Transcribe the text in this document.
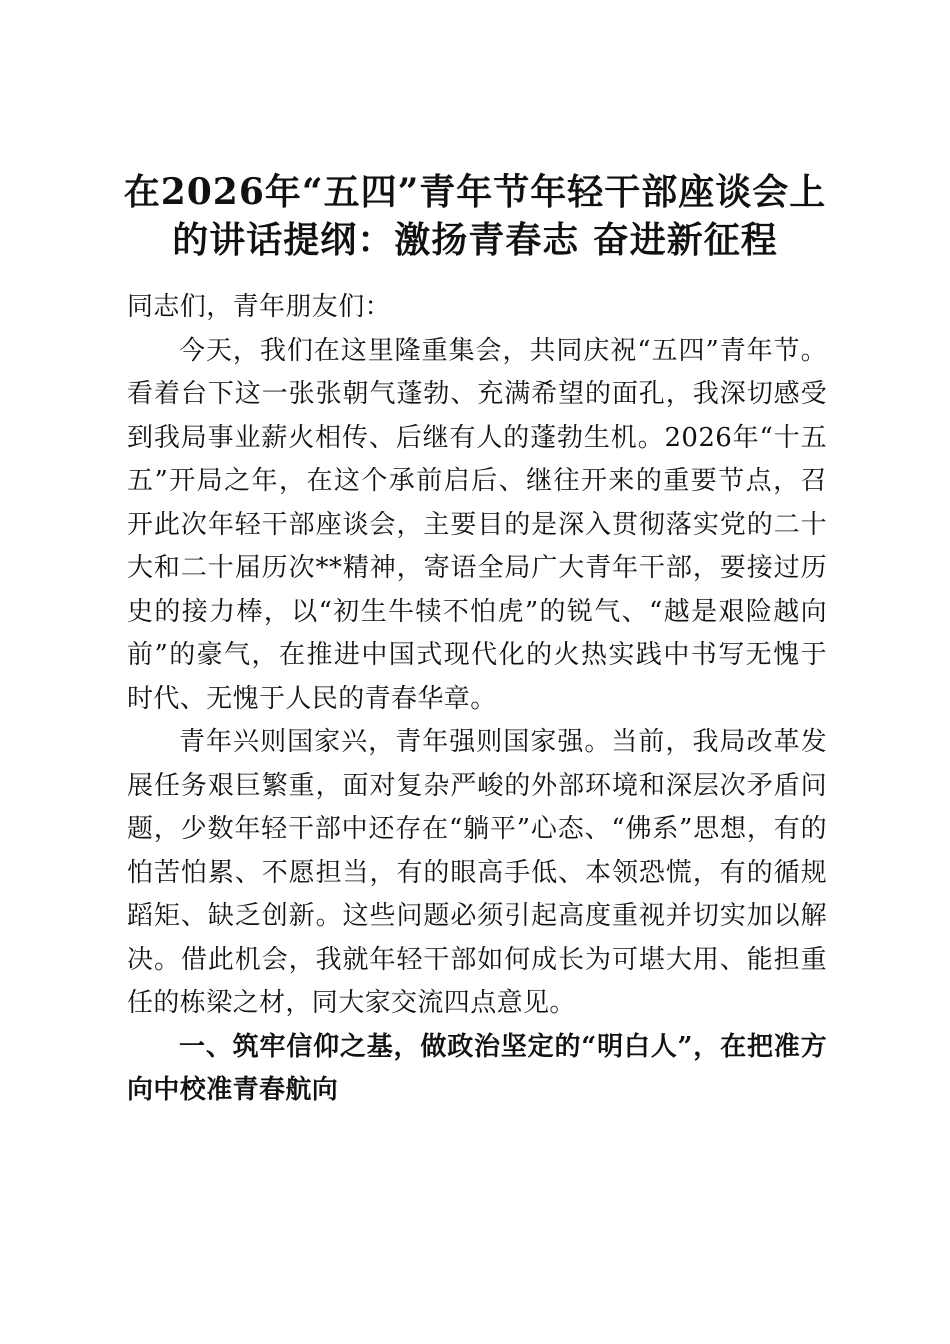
在2026年“五四”青年节年轻干部座谈会上的讲话提纲：激扬青春志 奋进新征程

同志们，青年朋友们：

今天，我们在这里隆重集会，共同庆祝“五四”青年节。看着台下这一张张朝气蓬勃、充满希望的面孔，我深切感受到我局事业薪火相传、后继有人的蓬勃生机。2026年“十五五”开局之年，在这个承前启后、继往开来的重要节点，召开此次年轻干部座谈会，主要目的是深入贯彻落实党的二十大和二十届历次**精神，寄语全局广大青年干部，要接过历史的接力棒，以“初生牛犊不怕虎”的锐气、“越是艰险越向前”的豪气，在推进中国式现代化的火热实践中书写无愧于时代、无愧于人民的青春华章。

青年兴则国家兴，青年强则国家强。当前，我局改革发展任务艰巨繁重，面对复杂严峻的外部环境和深层次矛盾问题，少数年轻干部中还存在“躺平”心态、“佛系”思想，有的怕苦怕累、不愿担当，有的眼高手低、本领恐慌，有的循规蹈矩、缺乏创新。这些问题必须引起高度重视并切实加以解决。借此机会，我就年轻干部如何成长为可堪大用、能担重任的栋梁之材，同大家交流四点意见。

一、筑牢信仰之基，做政治坚定的“明白人”，在把准方向中校准青春航向
